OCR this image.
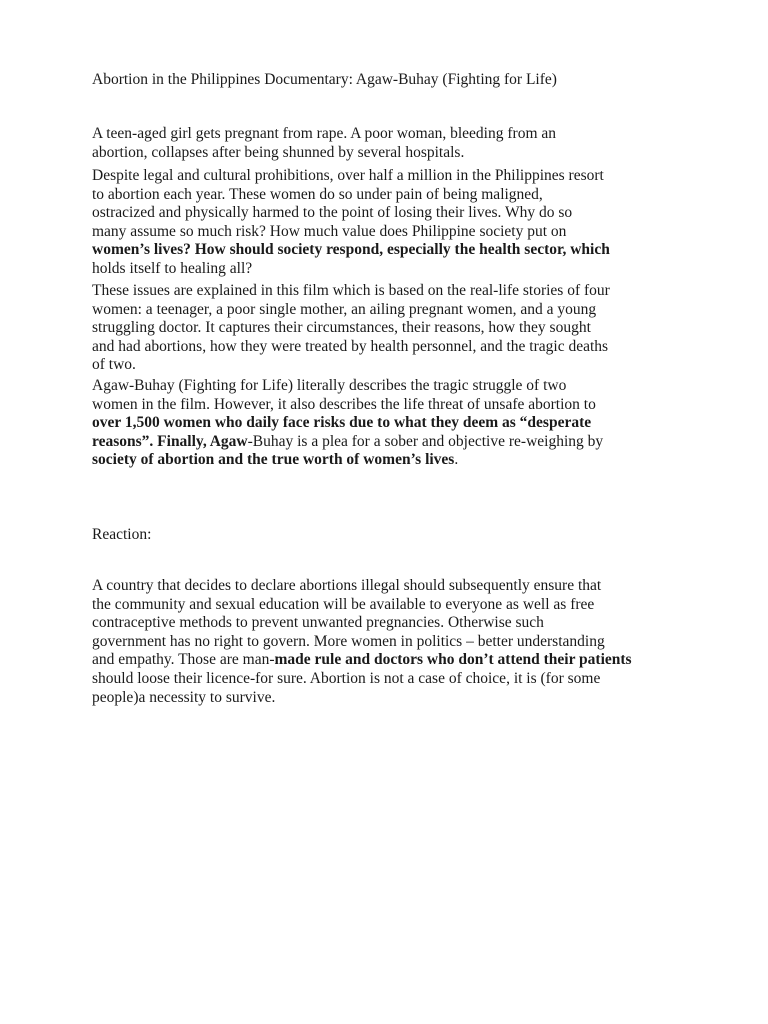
Abortion in the Philippines Documentary: Agaw-Buhay (Fighting for Life)
A teen-aged girl gets pregnant from rape. A poor woman, bleeding from an
abortion, collapses after being shunned by several hospitals.
Despite legal and cultural prohibitions, over half a million in the Philippines resort
to abortion each year. These women do so under pain of being maligned,
ostracized and physically harmed to the point of losing their lives. Why do so
many assume so much risk? How much value does Philippine society put on
women’s lives? How should society respond, especially the health sector, which
holds itself to healing all?
These issues are explained in this film which is based on the real-life stories of four
women: a teenager, a poor single mother, an ailing pregnant women, and a young
struggling doctor. It captures their circumstances, their reasons, how they sought
and had abortions, how they were treated by health personnel, and the tragic deaths
of two.
Agaw-Buhay (Fighting for Life) literally describes the tragic struggle of two
women in the film. However, it also describes the life threat of unsafe abortion to
over 1,500 women who daily face risks due to what they deem as “desperate
reasons”. Finally, Agaw-Buhay is a plea for a sober and objective re-weighing by
society of abortion and the true worth of women’s lives.
Reaction:
A country that decides to declare abortions illegal should subsequently ensure that
the community and sexual education will be available to everyone as well as free
contraceptive methods to prevent unwanted pregnancies. Otherwise such
government has no right to govern. More women in politics – better understanding
and empathy. Those are man-made rule and doctors who don’t attend their patients
should loose their licence-for sure. Abortion is not a case of choice, it is (for some
people)a necessity to survive.
